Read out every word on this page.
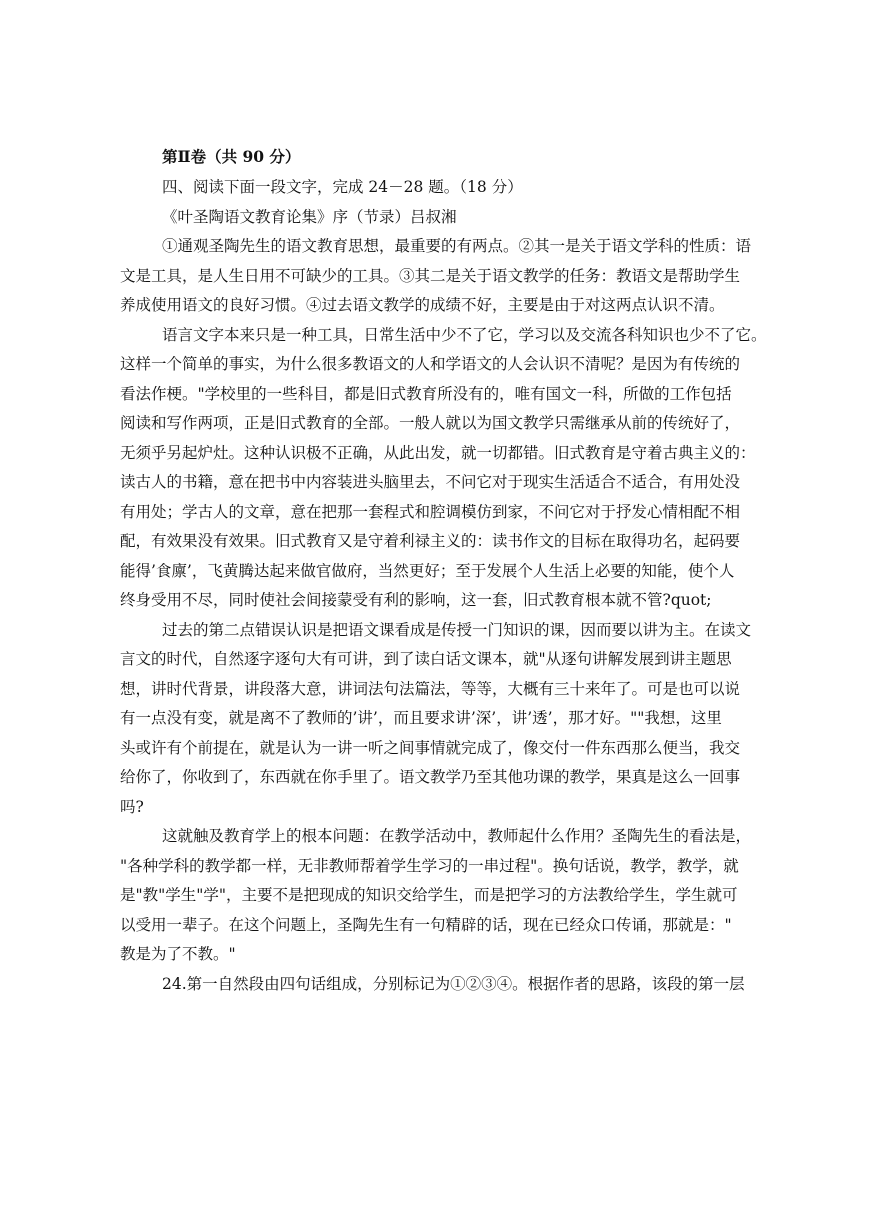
第Ⅱ卷（共 90 分）

四、阅读下面一段文字，完成 24－28 题。（18 分）

《叶圣陶语文教育论集》序（节录）吕叔湘

①通观圣陶先生的语文教育思想，最重要的有两点。②其一是关于语文学科的性质：语
文是工具，是人生日用不可缺少的工具。③其二是关于语文教学的任务：教语文是帮助学生
养成使用语文的良好习惯。④过去语文教学的成绩不好，主要是由于对这两点认识不清。
语言文字本来只是一种工具，日常生活中少不了它，学习以及交流各科知识也少不了它。
这样一个简单的事实，为什么很多教语文的人和学语文的人会认识不清呢？是因为有传统的
看法作梗。"学校里的一些科目，都是旧式教育所没有的，唯有国文一科，所做的工作包括
阅读和写作两项，正是旧式教育的全部。一般人就以为国文教学只需继承从前的传统好了，
无须乎另起炉灶。这种认识极不正确，从此出发，就一切都错。旧式教育是守着古典主义的：
读古人的书籍，意在把书中内容装进头脑里去，不问它对于现实生活适合不适合，有用处没
有用处；学古人的文章，意在把那一套程式和腔调模仿到家，不问它对于抒发心情相配不相
配，有效果没有效果。旧式教育又是守着利禄主义的：读书作文的目标在取得功名，起码要
能得’食廪’，飞黄腾达起来做官做府，当然更好；至于发展个人生活上必要的知能，使个人
终身受用不尽，同时使社会间接蒙受有利的影响，这一套，旧式教育根本就不管?quot;
过去的第二点错误认识是把语文课看成是传授一门知识的课，因而要以讲为主。在读文
言文的时代，自然逐字逐句大有可讲，到了读白话文课本，就"从逐句讲解发展到讲主题思
想，讲时代背景，讲段落大意，讲词法句法篇法，等等，大概有三十来年了。可是也可以说
有一点没有变，就是离不了教师的’讲’，而且要求讲’深’，讲’透’，那才好。""我想，这里
头或许有个前提在，就是认为一讲一听之间事情就完成了，像交付一件东西那么便当，我交
给你了，你收到了，东西就在你手里了。语文教学乃至其他功课的教学，果真是这么一回事
吗?
这就触及教育学上的根本问题：在教学活动中，教师起什么作用？圣陶先生的看法是，
"各种学科的教学都一样，无非教师帮着学生学习的一串过程"。换句话说，教学，教学，就
是"教"学生"学"，主要不是把现成的知识交给学生，而是把学习的方法教给学生，学生就可
以受用一辈子。在这个问题上，圣陶先生有一句精辟的话，现在已经众口传诵，那就是："
教是为了不教。"
24.第一自然段由四句话组成，分别标记为①②③④。根据作者的思路，该段的第一层
